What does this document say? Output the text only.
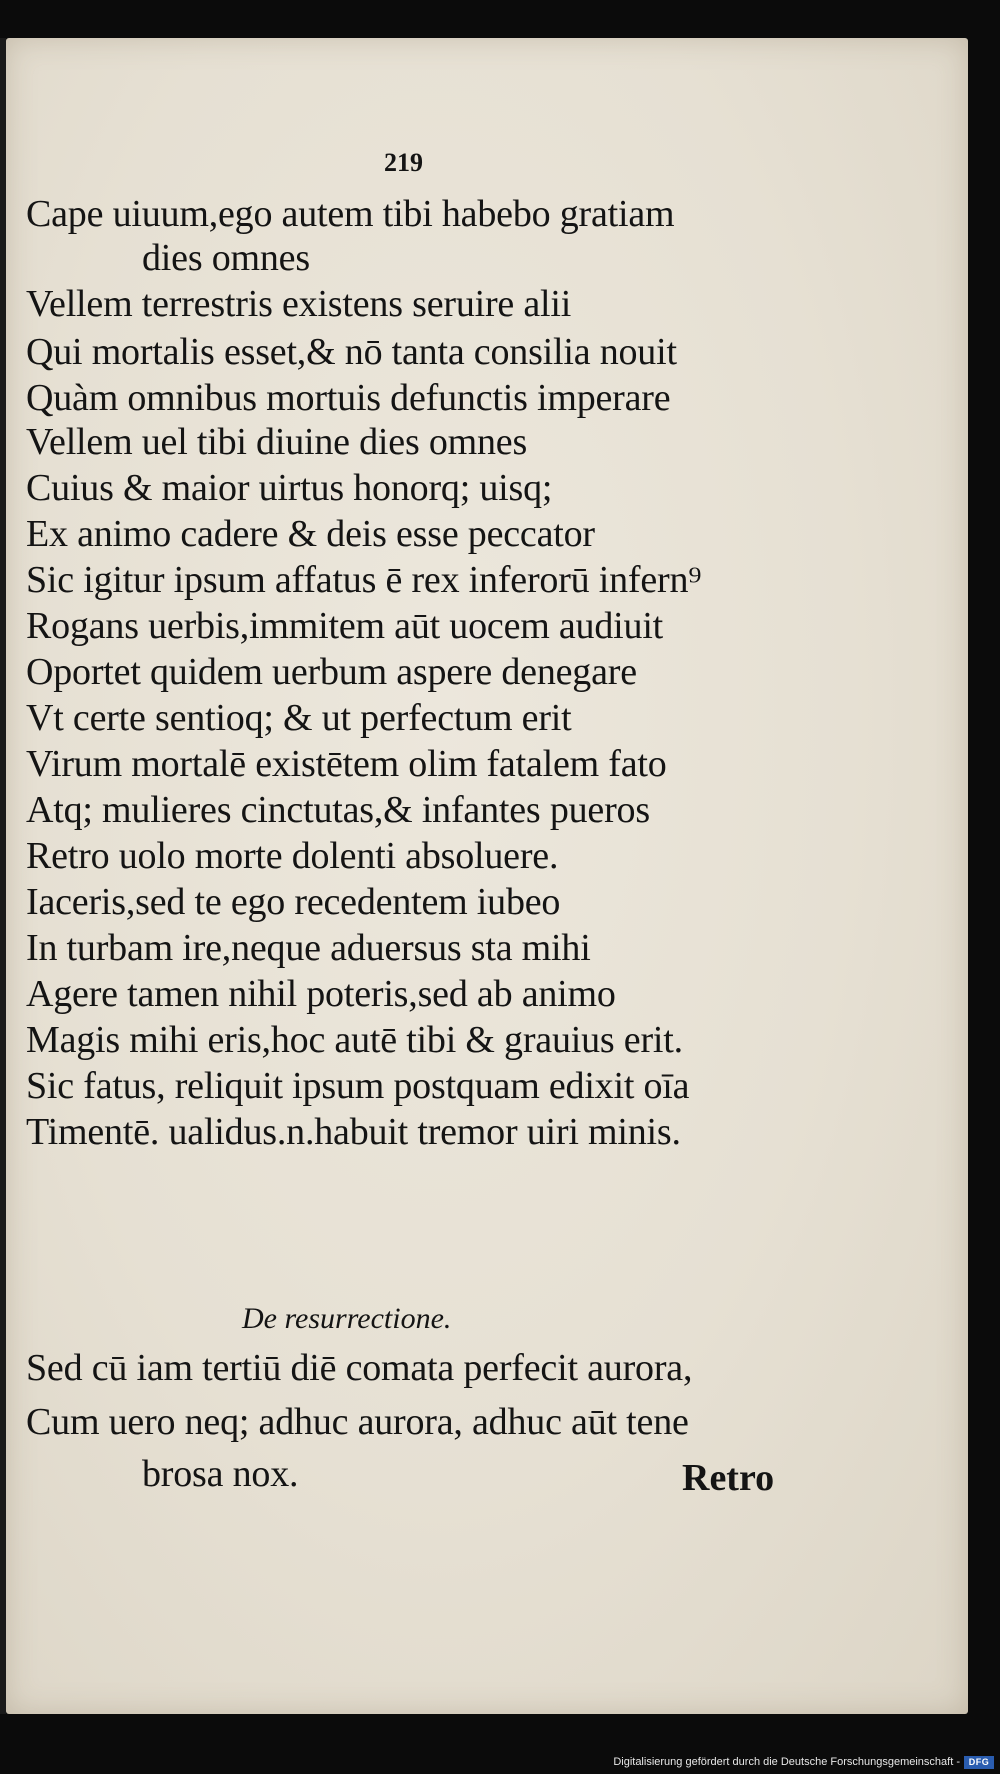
219
Cape uiuum,ego autem tibi habebo gratiam
dies omnes
Vellem terrestris existens seruire alii
Qui mortalis esset,& nō tanta consilia nouit
Quàm omnibus mortuis defunctis imperare
Vellem uel tibi diuine dies omnes
Cuius & maior uirtus honorq; uisq;
Ex animo cadere & deis esse peccator
Sic igitur ipsum affatus ē rex inferorū infern⁹
Rogans uerbis,immitem aūt uocem audiuit
Oportet quidem uerbum aspere denegare
Vt certe sentioq; & ut perfectum erit
Virum mortalē existētem olim fatalem fato
Atq; mulieres cinctutas,& infantes pueros
Retro uolo morte dolenti absoluere.
Iaceris,sed te ego recedentem iubeo
In turbam ire,neque aduersus sta mihi
Agere tamen nihil poteris,sed ab animo
Magis mihi eris,hoc autē tibi & grauius erit.
Sic fatus, reliquit ipsum postquam edixit oīa
Timentē. ualidus.n.habuit tremor uiri minis.
De resurrectione.
Sed cū iam tertiū diē comata perfecit aurora,
Cum uero neq; adhuc aurora, adhuc aūt tene
brosa nox.	Retro
Digitalisierung gefördert durch die Deutsche Forschungsgemeinschaft - DFG
